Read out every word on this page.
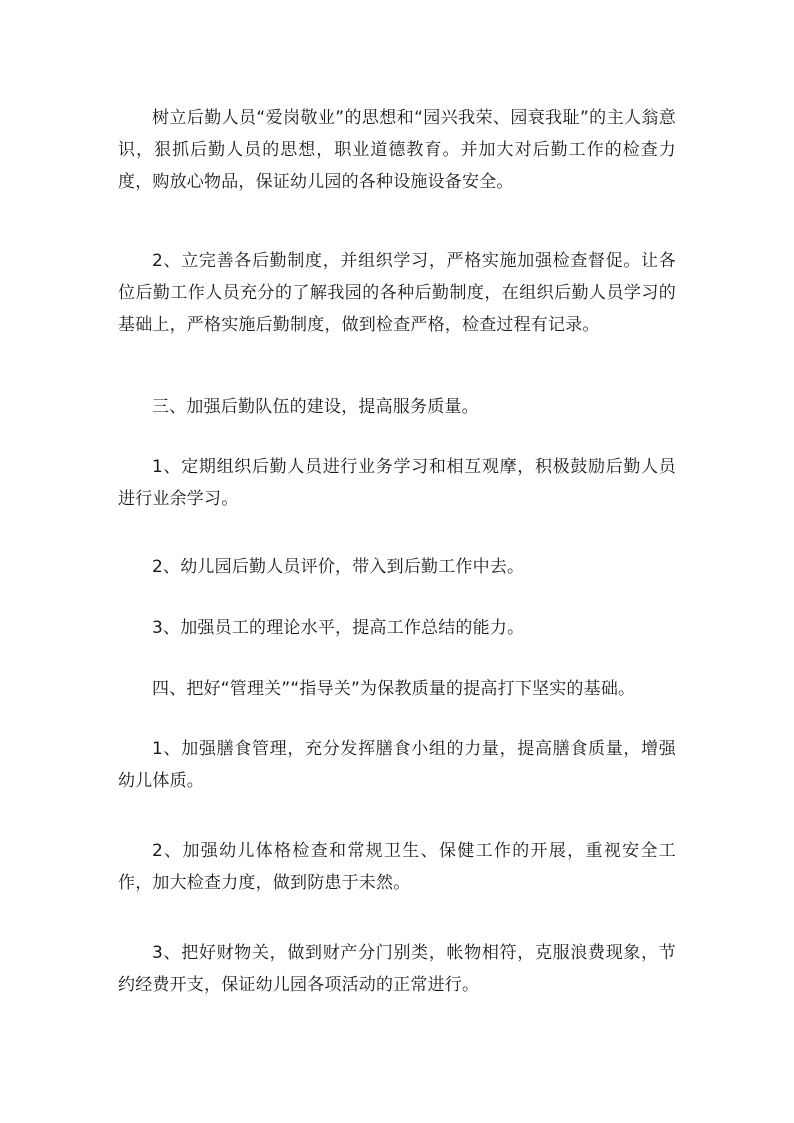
树立后勤人员“爱岗敬业”的思想和“园兴我荣、园衰我耻”的主人翁意识，狠抓后勤人员的思想，职业道德教育。并加大对后勤工作的检查力度，购放心物品，保证幼儿园的各种设施设备安全。

2、立完善各后勤制度，并组织学习，严格实施加强检查督促。让各位后勤工作人员充分的了解我园的各种后勤制度，在组织后勤人员学习的基础上，严格实施后勤制度，做到检查严格，检查过程有记录。

三、加强后勤队伍的建设，提高服务质量。

1、定期组织后勤人员进行业务学习和相互观摩，积极鼓励后勤人员进行业余学习。

2、幼儿园后勤人员评价，带入到后勤工作中去。

3、加强员工的理论水平，提高工作总结的能力。

四、把好“管理关”“指导关”为保教质量的提高打下坚实的基础。

1、加强膳食管理，充分发挥膳食小组的力量，提高膳食质量，增强幼儿体质。

2、加强幼儿体格检查和常规卫生、保健工作的开展，重视安全工作，加大检查力度，做到防患于未然。

3、把好财物关，做到财产分门别类，帐物相符，克服浪费现象，节约经费开支，保证幼儿园各项活动的正常进行。
